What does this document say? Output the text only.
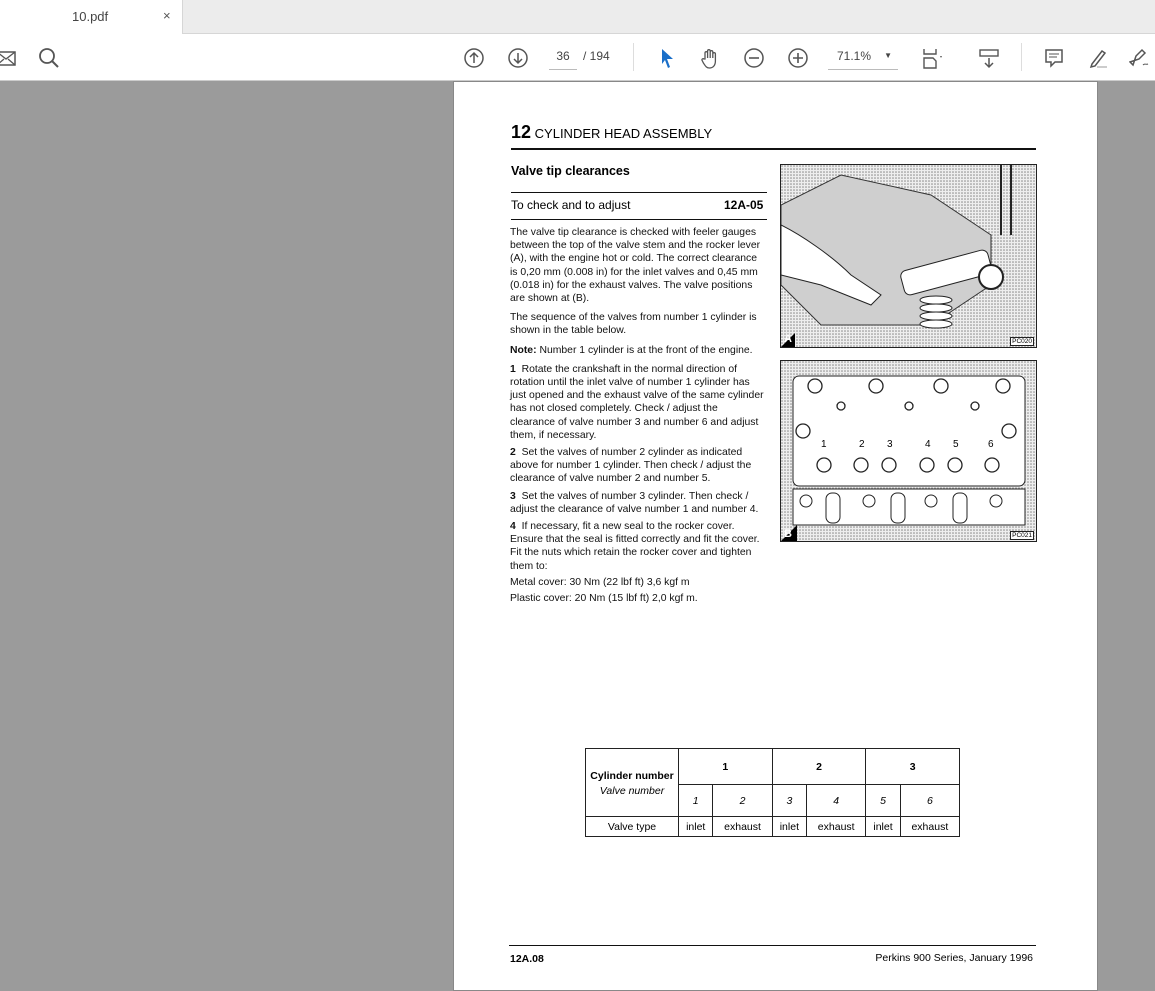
10.pdf	×
36	/ 194	71.1% ▼
12 CYLINDER HEAD ASSEMBLY
Valve tip clearances
To check and to adjust	12A-05

The valve tip clearance is checked with feeler gauges between the top of the valve stem and the rocker lever (A), with the engine hot or cold. The correct clearance is 0,20 mm (0.008 in) for the inlet valves and 0,45 mm (0.018 in) for the exhaust valves. The valve positions are shown at (B).

The sequence of the valves from number 1 cylinder is shown in the table below.

Note: Number 1 cylinder is at the front of the engine.

1 Rotate the crankshaft in the normal direction of rotation until the inlet valve of number 1 cylinder has just opened and the exhaust valve of the same cylinder has not closed completely. Check / adjust the clearance of valve number 3 and number 6 and adjust them, if necessary.

2 Set the valves of number 2 cylinder as indicated above for number 1 cylinder. Then check / adjust the clearance of valve number 2 and number 5.

3 Set the valves of number 3 cylinder. Then check / adjust the clearance of valve number 1 and number 4.

4 If necessary, fit a new seal to the rocker cover. Ensure that the seal is fitted correctly and fit the cover. Fit the nuts which retain the rocker cover and tighten them to:

Metal cover: 30 Nm (22 lbf ft) 3,6 kgf m

Plastic cover: 20 Nm (15 lbf ft) 2,0 kgf m.

A	PC020
1	2 3	4 5	6
B	PC021
Cylinder number	1		2		3	
Valve number	1	2	3	4	5	6
Valve type	inlet	exhaust	inlet	exhaust	inlet	exhaust
12A.08	Perkins 900 Series, January 1996
